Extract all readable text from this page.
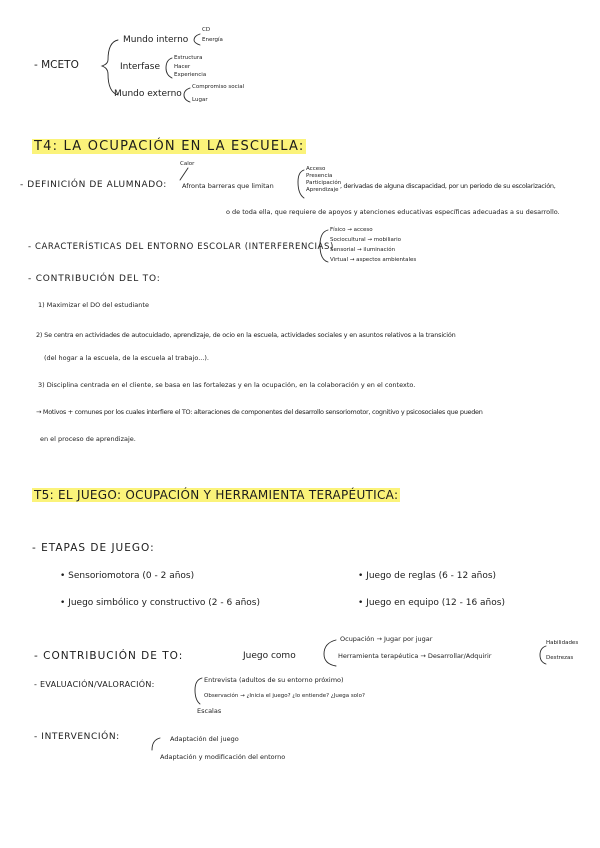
- MCETO
Mundo interno
CD
Energía
Interfase
Estructura
Hacer
Experiencia
Mundo externo
Compromiso social
Lugar
T4: LA OCUPACIÓN EN LA ESCUELA:
- DEFINICIÓN DE ALUMNADO:
Calor
Afronta barreras que limitan
Acceso
Presencia
Participación
Aprendizaje , derivadas de alguna discapacidad, por un periodo de su escolarización,
o de toda ella, que requiere de apoyos y atenciones educativas específicas adecuadas a su desarrollo.
- CARACTERÍSTICAS DEL ENTORNO ESCOLAR (INTERFERENCIAS)
Físico → acceso
Sociocultural → mobiliario
Sensorial → iluminación
Virtual → aspectos ambientales
- CONTRIBUCIÓN DEL TO:
1) Maximizar el DO del estudiante
2) Se centra en actividades de autocuidado, aprendizaje, de ocio en la escuela, actividades sociales y en asuntos relativos a la transición
(del hogar a la escuela, de la escuela al trabajo...).
3) Disciplina centrada en el cliente, se basa en las fortalezas y en la ocupación, en la colaboración y en el contexto.
→ Motivos + comunes por los cuales interfiere el TO: alteraciones de componentes del desarrollo sensoriomotor, cognitivo y psicosociales que pueden
en el proceso de aprendizaje.
T5: EL JUEGO: OCUPACIÓN Y HERRAMIENTA TERAPÉUTICA:
- ETAPAS DE JUEGO:
• Sensoriomotora (0 - 2 años)
• Juego simbólico y constructivo (2 - 6 años)
• Juego de reglas (6 - 12 años)
• Juego en equipo (12 - 16 años)
- CONTRIBUCIÓN DE TO:	Juego como
Ocupación → Jugar por jugar
Herramienta terapéutica → Desarrollar/Adquirir
Habilidades
Destrezas
- EVALUACIÓN/VALORACIÓN:	Entrevista (adultos de su entorno próximo)
Observación → ¿Inicia el juego? ¿lo entiende? ¿Juega solo?
Escalas
- INTERVENCIÓN:	Adaptación del juego
Adaptación y modificación del entorno
